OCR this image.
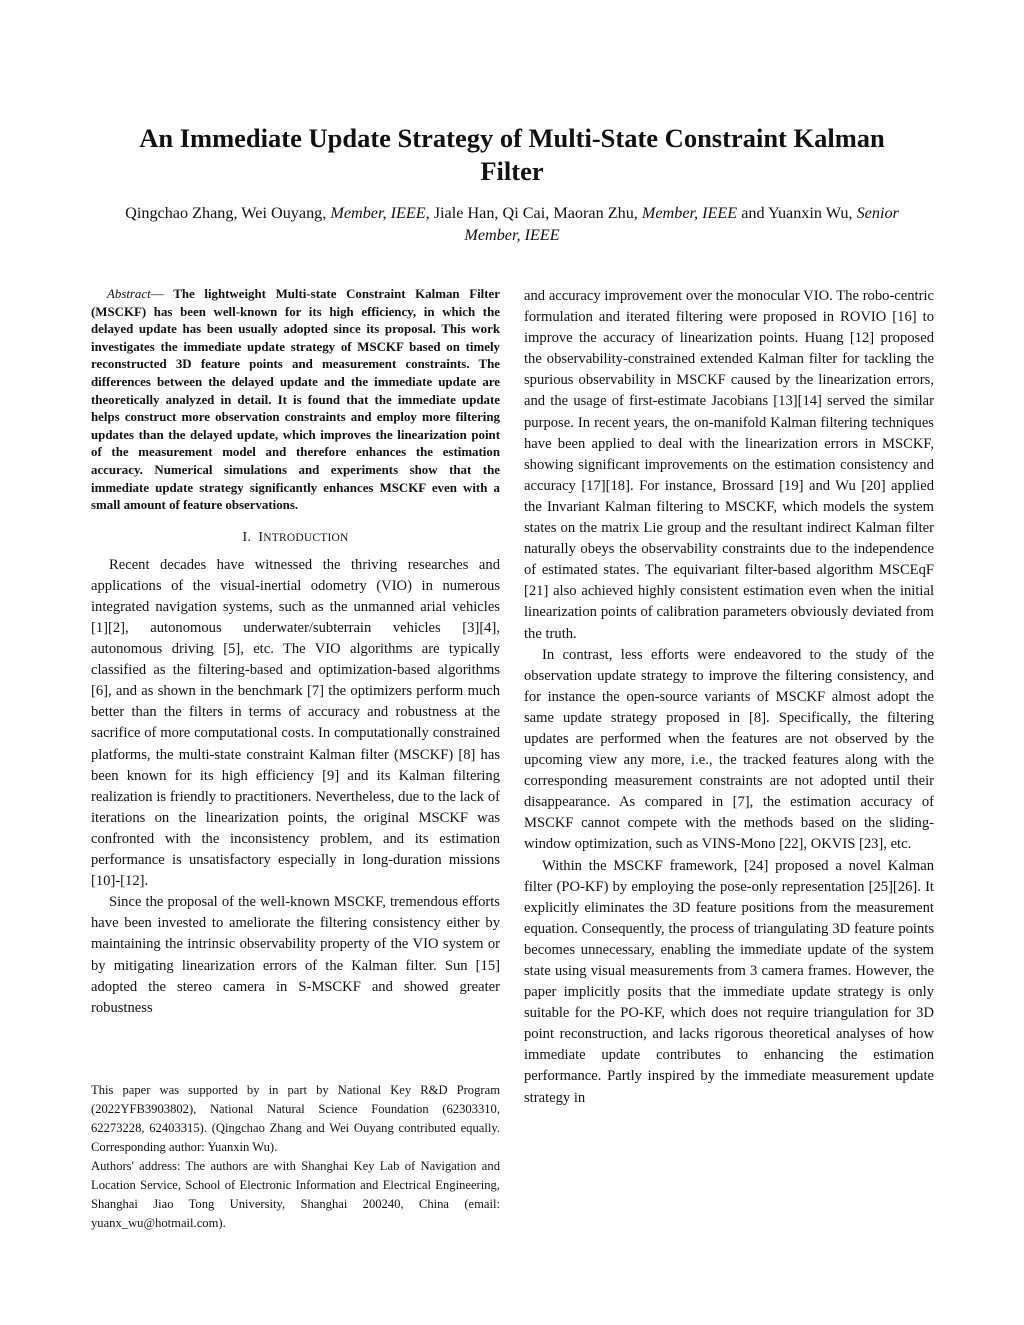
An Immediate Update Strategy of Multi-State Constraint Kalman Filter
Qingchao Zhang, Wei Ouyang, Member, IEEE, Jiale Han, Qi Cai, Maoran Zhu, Member, IEEE and Yuanxin Wu, Senior Member, IEEE

Abstract— The lightweight Multi-state Constraint Kalman Filter (MSCKF) has been well-known for its high efficiency, in which the delayed update has been usually adopted since its proposal. This work investigates the immediate update strategy of MSCKF based on timely reconstructed 3D feature points and measurement constraints. The differences between the delayed update and the immediate update are theoretically analyzed in detail. It is found that the immediate update helps construct more observation constraints and employ more filtering updates than the delayed update, which improves the linearization point of the measurement model and therefore enhances the estimation accuracy. Numerical simulations and experiments show that the immediate update strategy significantly enhances MSCKF even with a small amount of feature observations.

I. INTRODUCTION

Recent decades have witnessed the thriving researches and applications of the visual-inertial odometry (VIO) in numerous integrated navigation systems, such as the unmanned arial vehicles [1][2], autonomous underwater/subterrain vehicles [3][4], autonomous driving [5], etc. The VIO algorithms are typically classified as the filtering-based and optimization-based algorithms [6], and as shown in the benchmark [7] the optimizers perform much better than the filters in terms of accuracy and robustness at the sacrifice of more computational costs. In computationally constrained platforms, the multi-state constraint Kalman filter (MSCKF) [8] has been known for its high efficiency [9] and its Kalman filtering realization is friendly to practitioners. Nevertheless, due to the lack of iterations on the linearization points, the original MSCKF was confronted with the inconsistency problem, and its estimation performance is unsatisfactory especially in long-duration missions [10]-[12].

Since the proposal of the well-known MSCKF, tremendous efforts have been invested to ameliorate the filtering consistency either by maintaining the intrinsic observability property of the VIO system or by mitigating linearization errors of the Kalman filter. Sun [15] adopted the stereo camera in S-MSCKF and showed greater robustness

This paper was supported by in part by National Key R&D Program (2022YFB3903802), National Natural Science Foundation (62303310, 62273228, 62403315). (Qingchao Zhang and Wei Ouyang contributed equally. Corresponding author: Yuanxin Wu).

Authors' address: The authors are with Shanghai Key Lab of Navigation and Location Service, School of Electronic Information and Electrical Engineering, Shanghai Jiao Tong University, Shanghai 200240, China (email: yuanx_wu@hotmail.com).

and accuracy improvement over the monocular VIO. The robo-centric formulation and iterated filtering were proposed in ROVIO [16] to improve the accuracy of linearization points. Huang [12] proposed the observability-constrained extended Kalman filter for tackling the spurious observability in MSCKF caused by the linearization errors, and the usage of first-estimate Jacobians [13][14] served the similar purpose. In recent years, the on-manifold Kalman filtering techniques have been applied to deal with the linearization errors in MSCKF, showing significant improvements on the estimation consistency and accuracy [17][18]. For instance, Brossard [19] and Wu [20] applied the Invariant Kalman filtering to MSCKF, which models the system states on the matrix Lie group and the resultant indirect Kalman filter naturally obeys the observability constraints due to the independence of estimated states. The equivariant filter-based algorithm MSCEqF [21] also achieved highly consistent estimation even when the initial linearization points of calibration parameters obviously deviated from the truth.

In contrast, less efforts were endeavored to the study of the observation update strategy to improve the filtering consistency, and for instance the open-source variants of MSCKF almost adopt the same update strategy proposed in [8]. Specifically, the filtering updates are performed when the features are not observed by the upcoming view any more, i.e., the tracked features along with the corresponding measurement constraints are not adopted until their disappearance. As compared in [7], the estimation accuracy of MSCKF cannot compete with the methods based on the sliding-window optimization, such as VINS-Mono [22], OKVIS [23], etc.

Within the MSCKF framework, [24] proposed a novel Kalman filter (PO-KF) by employing the pose-only representation [25][26]. It explicitly eliminates the 3D feature positions from the measurement equation. Consequently, the process of triangulating 3D feature points becomes unnecessary, enabling the immediate update of the system state using visual measurements from 3 camera frames. However, the paper implicitly posits that the immediate update strategy is only suitable for the PO-KF, which does not require triangulation for 3D point reconstruction, and lacks rigorous theoretical analyses of how immediate update contributes to enhancing the estimation performance. Partly inspired by the immediate measurement update strategy in
